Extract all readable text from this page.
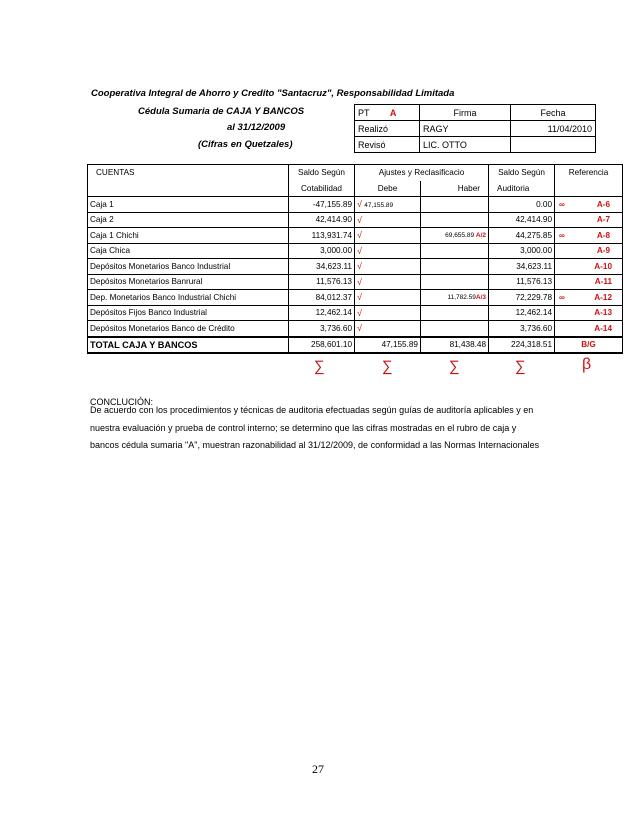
Cooperativa Integral de Ahorro y Credito "Santacruz", Responsabilidad Limitada
Cédula Sumaria de CAJA Y BANCOS
al 31/12/2009
(Cifras en Quetzales)
PT A	Firma	Fecha
Realizó	RAGY	11/04/2010
Revisó	LIC. OTTO	
CUENTAS	Saldo Según	Ajustes y Reclasificacio		Saldo Según	Referencia
	Cotabilidad	Debe	Haber	Auditoria	
Caja 1	-47,155.89	√ 47,155.89		0.00	∞ A-6

Caja 2	42,414.90	√		42,414.90	A-7

Caja 1 Chichi	113,931.74	√	69,655.89 A/2	44,275.85	∞ A-8

Caja Chica	3,000.00	√		3,000.00	A-9

Depósitos Monetarios Banco Industrial	34,623.11	√		34,623.11	A-10

Depósitos Monetarios Banrural	11,576.13	√		11,576.13	A-11

Dep. Monetarios Banco Industrial Chichi	84,012.37	√	11,782.59A/3	72,229.78	∞ A-12

Depósitos Fijos Banco Industrial	12,462.14	√		12,462.14	A-13

Depósitos Monetarios Banco de Crédito	3,736.60	√		3,736.60	A-14

TOTAL CAJA Y BANCOS	258,601.10	47,155.89	81,438.48	224,318.51	B/G
∑	∑	∑	∑	β
CONCLUCIÓN:
De acuerdo con los procedimientos y técnicas de auditoria efectuadas según guías de auditoría aplicables y en
nuestra evaluación y prueba de control interno; se determino que las cifras mostradas en el rubro de caja y
bancos cédula sumaria "A", muestran razonabilidad al 31/12/2009, de conformidad a las Normas Internacionales
27
